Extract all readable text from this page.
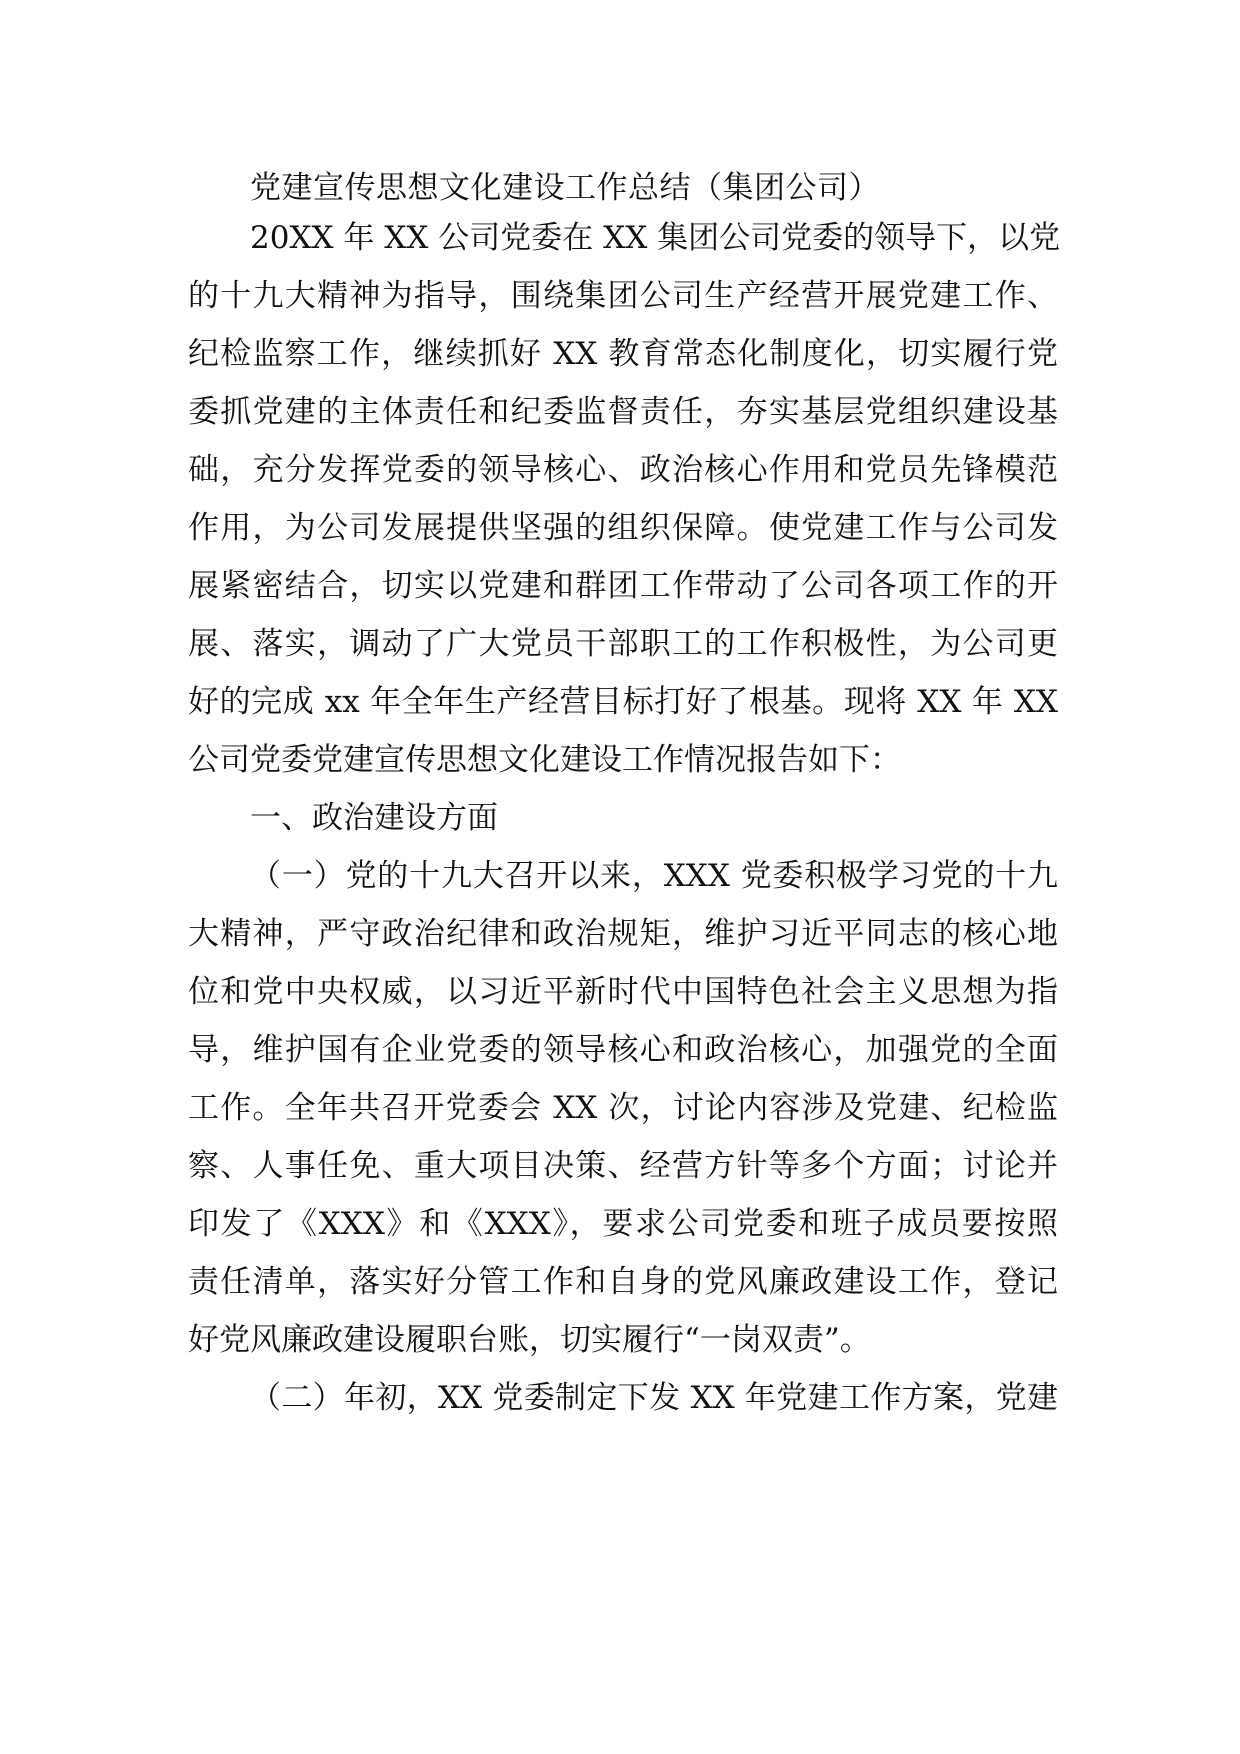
党建宣传思想文化建设工作总结（集团公司）
20XX 年 XX 公司党委在 XX 集团公司党委的领导下，以党
的十九大精神为指导，围绕集团公司生产经营开展党建工作、
纪检监察工作，继续抓好 XX 教育常态化制度化，切实履行党
委抓党建的主体责任和纪委监督责任，夯实基层党组织建设基
础，充分发挥党委的领导核心、政治核心作用和党员先锋模范
作用，为公司发展提供坚强的组织保障。使党建工作与公司发
展紧密结合，切实以党建和群团工作带动了公司各项工作的开
展、落实，调动了广大党员干部职工的工作积极性，为公司更
好的完成 xx 年全年生产经营目标打好了根基。现将 XX 年 XX
公司党委党建宣传思想文化建设工作情况报告如下：
一、政治建设方面
（一）党的十九大召开以来，XXX 党委积极学习党的十九
大精神，严守政治纪律和政治规矩，维护习近平同志的核心地
位和党中央权威，以习近平新时代中国特色社会主义思想为指
导，维护国有企业党委的领导核心和政治核心，加强党的全面
工作。全年共召开党委会 XX 次，讨论内容涉及党建、纪检监
察、人事任免、重大项目决策、经营方针等多个方面；讨论并
印发了《XXX》和《XXX》，要求公司党委和班子成员要按照
责任清单，落实好分管工作和自身的党风廉政建设工作，登记
好党风廉政建设履职台账，切实履行“一岗双责”。
（二）年初，XX 党委制定下发 XX 年党建工作方案，党建
